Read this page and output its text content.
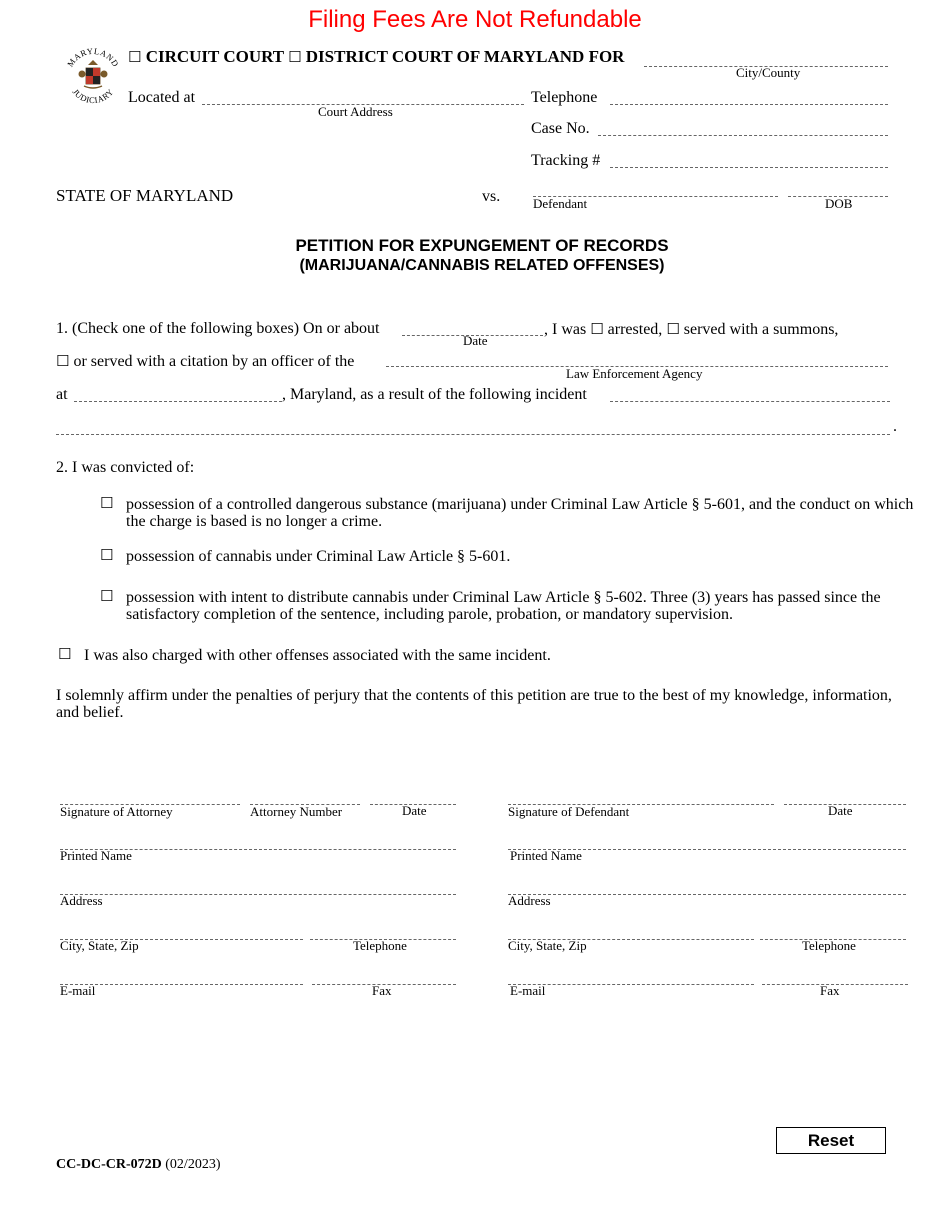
Filing Fees Are Not Refundable
MARYLAND
JUDICIARY
☐ CIRCUIT COURT ☐ DISTRICT COURT OF MARYLAND FOR
City/County
Located at
Court Address
Telephone
Case No.
Tracking #
STATE OF MARYLAND	vs.	Defendant	DOB
PETITION FOR EXPUNGEMENT OF RECORDS
(MARIJUANA/CANNABIS RELATED OFFENSES)
1. (Check one of the following boxes) On or about
Date
, I was ☐ arrested, ☐ served with a summons,
☐ or served with a citation by an officer of the
Law Enforcement Agency
at	, Maryland, as a result of the following incident
.
2. I was convicted of:
☐ possession of a controlled dangerous substance (marijuana) under Criminal Law Article § 5-601, and the conduct on which the charge is based is no longer a crime.
☐ possession of cannabis under Criminal Law Article § 5-601.
☐ possession with intent to distribute cannabis under Criminal Law Article § 5-602. Three (3) years has passed since the satisfactory completion of the sentence, including parole, probation, or mandatory supervision.
☐ I was also charged with other offenses associated with the same incident.
I solemnly affirm under the penalties of perjury that the contents of this petition are true to the best of my knowledge, information, and belief.
Signature of Attorney	Attorney Number	Date
Printed Name
Address
City, State, Zip	Telephone
E-mail	Fax
Signature of Defendant	Date
Printed Name
Address
City, State, Zip	Telephone
E-mail	Fax
Reset
CC-DC-CR-072D (02/2023)
